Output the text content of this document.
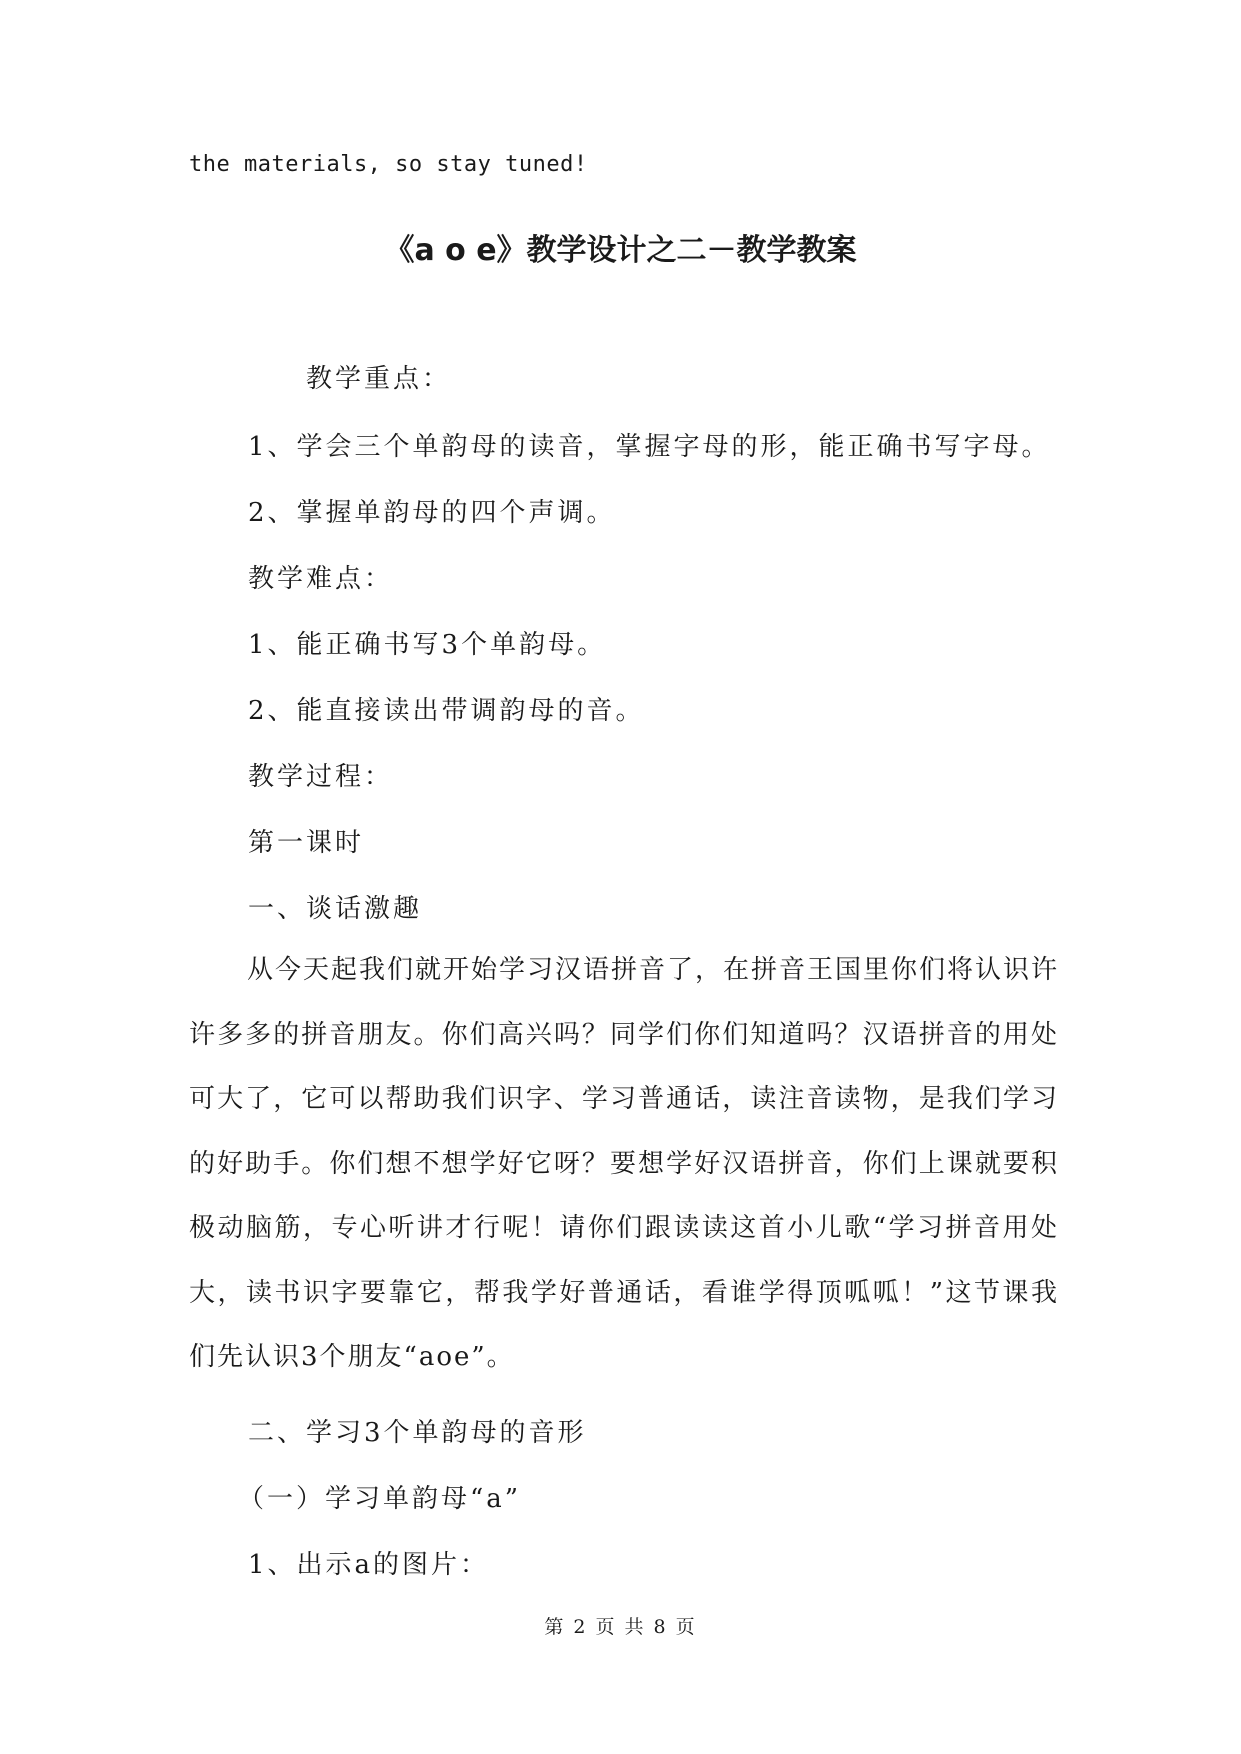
the materials, so stay tuned!
《a o e》教学设计之二－教学教案
教学重点：
1、学会三个单韵母的读音，掌握字母的形，能正确书写字母。
2、掌握单韵母的四个声调。
教学难点：
1、能正确书写3个单韵母。
2、能直接读出带调韵母的音。
教学过程：
第一课时
一、谈话激趣

从今天起我们就开始学习汉语拼音了，在拼音王国里你们将认识许许多多的拼音朋友。你们高兴吗？同学们你们知道吗？汉语拼音的用处可大了，它可以帮助我们识字、学习普通话，读注音读物，是我们学习的好助手。你们想不想学好它呀？要想学好汉语拼音，你们上课就要积极动脑筋，专心听讲才行呢！请你们跟读读这首小儿歌“学习拼音用处大，读书识字要靠它，帮我学好普通话，看谁学得顶呱呱！”这节课我们先认识3个朋友“aoe”。

二、学习3个单韵母的音形
（一）学习单韵母“a”
1、出示a的图片：
第 2 页 共 8 页
